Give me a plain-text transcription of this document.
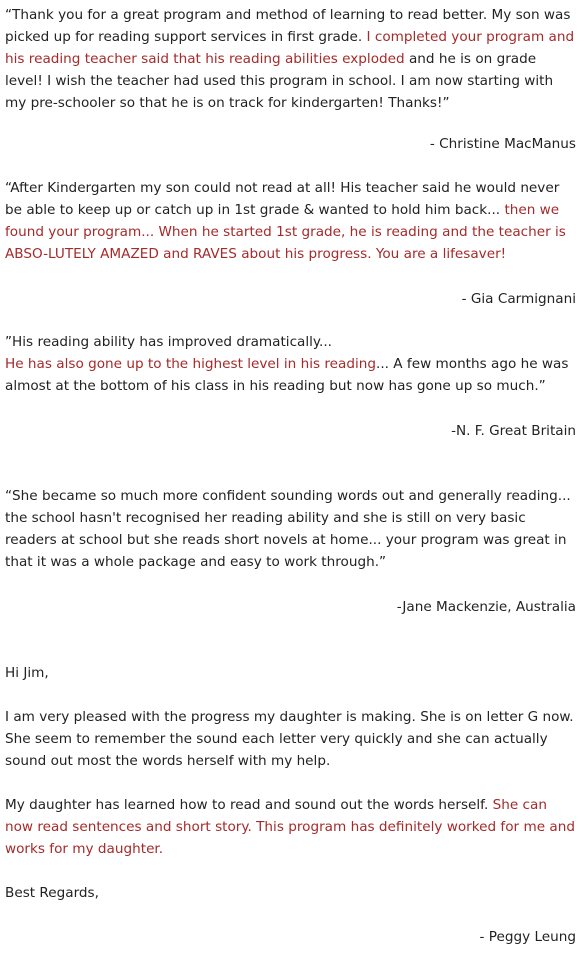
“Thank you for a great program and method of learning to read better. My son was picked up for reading support services in first grade. I completed your program and his reading teacher said that his reading abilities exploded and he is on grade level! I wish the teacher had used this program in school. I am now starting with my pre-schooler so that he is on track for kindergarten! Thanks!”

- Christine MacManus

“After Kindergarten my son could not read at all! His teacher said he would never be able to keep up or catch up in 1st grade & wanted to hold him back... then we found your program... When he started 1st grade, he is reading and the teacher is ABSO-LUTELY AMAZED and RAVES about his progress. You are a lifesaver!

- Gia Carmignani

”His reading ability has improved dramatically...
He has also gone up to the highest level in his reading... A few months ago he was almost at the bottom of his class in his reading but now has gone up so much.”

-N. F. Great Britain

“She became so much more confident sounding words out and generally reading... the school hasn't recognised her reading ability and she is still on very basic readers at school but she reads short novels at home... your program was great in that it was a whole package and easy to work through.”

-Jane Mackenzie, Australia

Hi Jim,

I am very pleased with the progress my daughter is making. She is on letter G now. She seem to remember the sound each letter very quickly and she can actually sound out most the words herself with my help.

My daughter has learned how to read and sound out the words herself. She can now read sentences and short story. This program has definitely worked for me and works for my daughter.

Best Regards,

- Peggy Leung
